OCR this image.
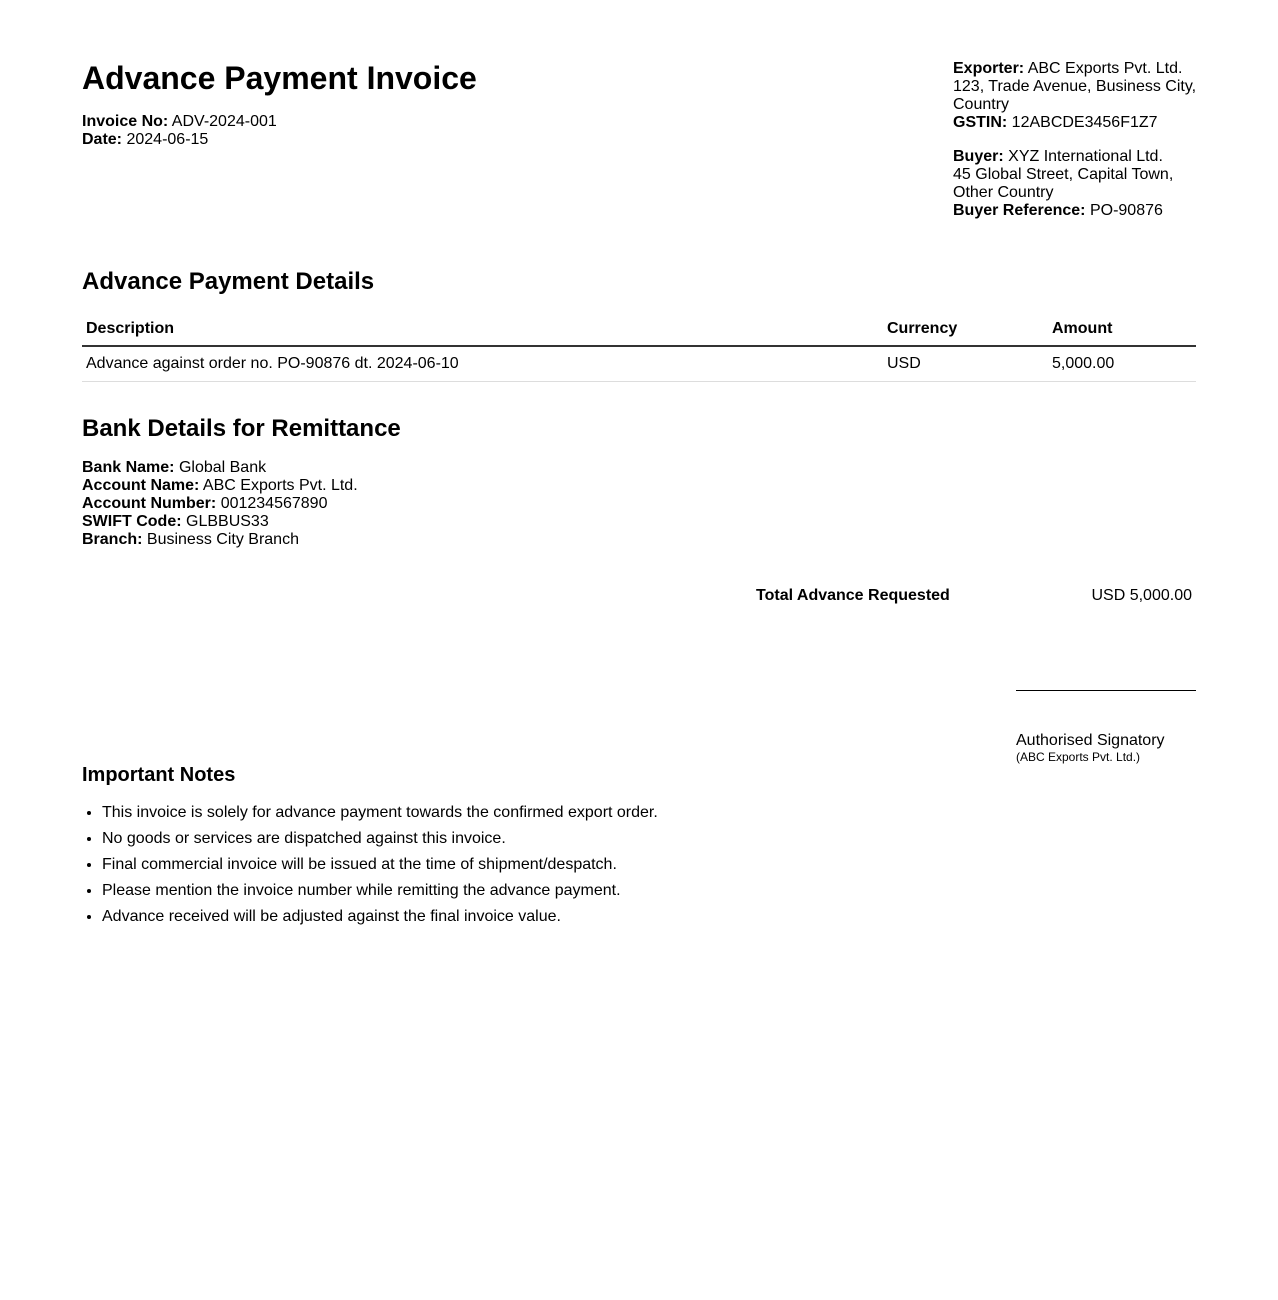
Advance Payment Invoice
Invoice No: ADV-2024-001
Date: 2024-06-15
Exporter: ABC Exports Pvt. Ltd.
123, Trade Avenue, Business City,
Country
GSTIN: 12ABCDE3456F1Z7
Buyer: XYZ International Ltd.
45 Global Street, Capital Town,
Other Country
Buyer Reference: PO-90876
Advance Payment Details
Description	Currency	Amount
Advance against order no. PO-90876 dt. 2024-06-10	USD	5,000.00
Bank Details for Remittance
Bank Name: Global Bank
Account Name: ABC Exports Pvt. Ltd.
Account Number: 001234567890
SWIFT Code: GLBBUS33
Branch: Business City Branch
Total Advance Requested	USD 5,000.00
Authorised Signatory
(ABC Exports Pvt. Ltd.)
Important Notes
• This invoice is solely for advance payment towards the confirmed export order.
• No goods or services are dispatched against this invoice.
• Final commercial invoice will be issued at the time of shipment/despatch.
• Please mention the invoice number while remitting the advance payment.
• Advance received will be adjusted against the final invoice value.
